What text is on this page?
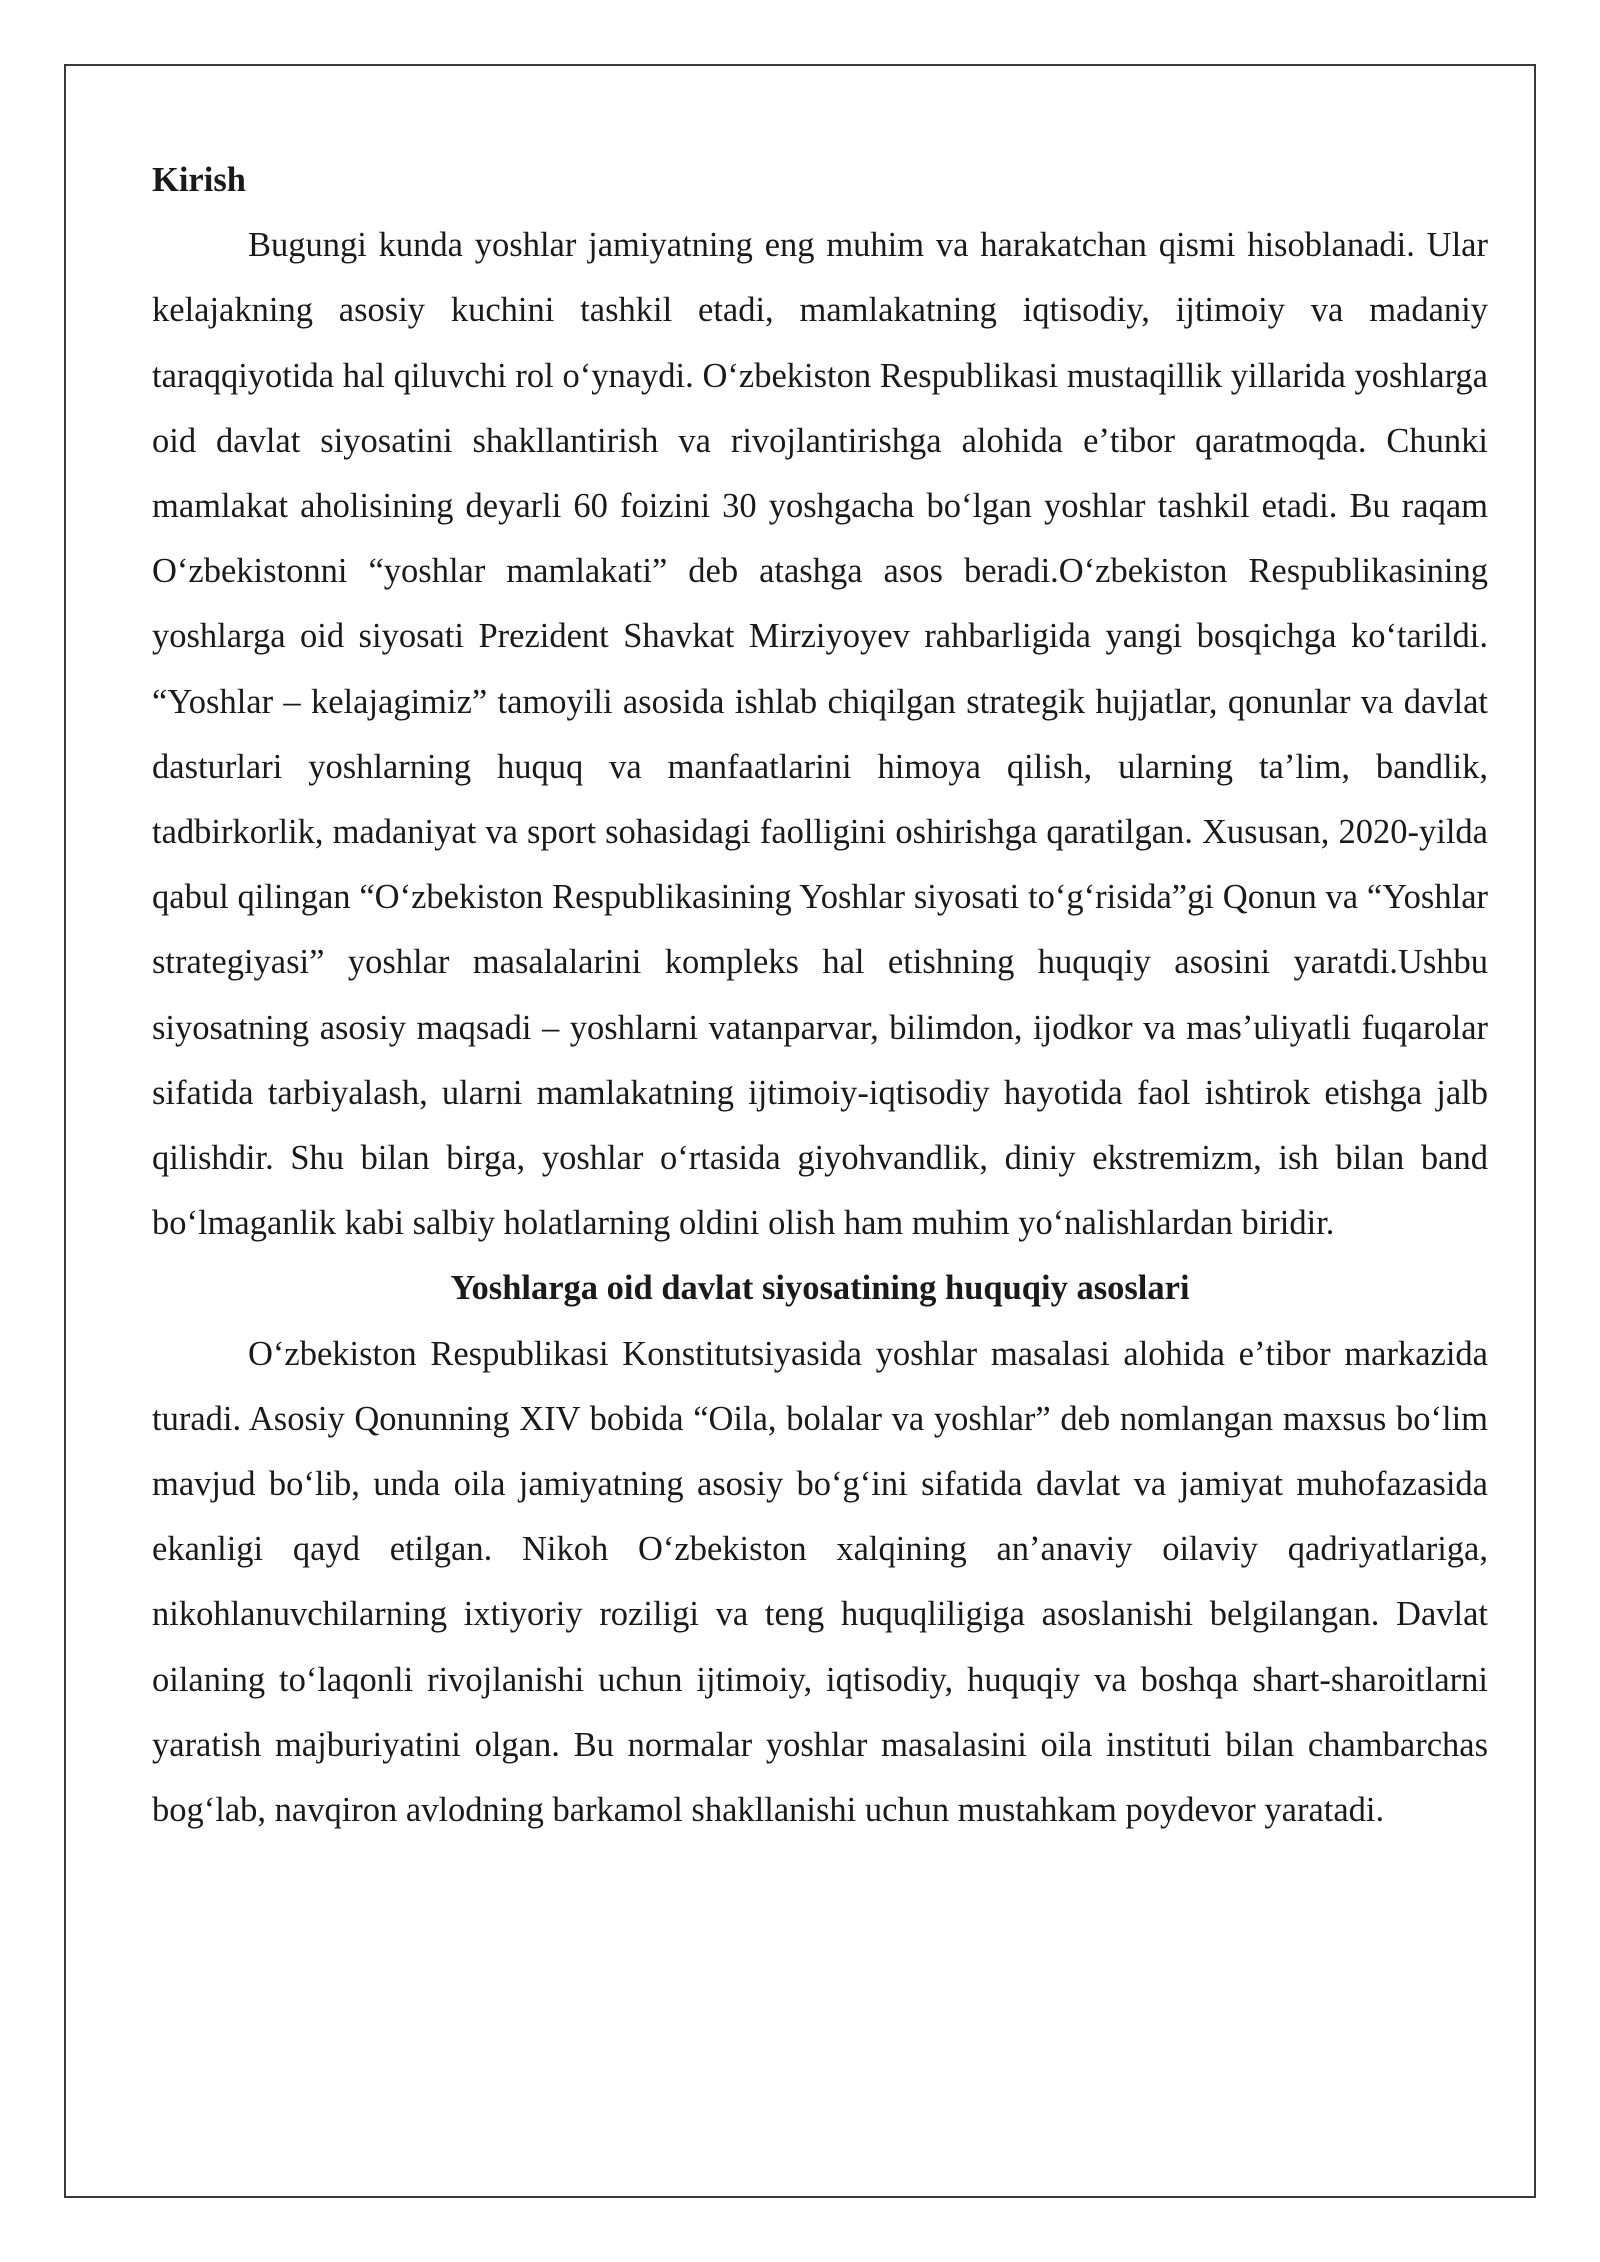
Kirish

Bugungi kunda yoshlar jamiyatning eng muhim va harakatchan qismi hisoblanadi. Ular kelajakning asosiy kuchini tashkil etadi, mamlakatning iqtisodiy, ijtimoiy va madaniy taraqqiyotida hal qiluvchi rol oʻynaydi. Oʻzbekiston Respublikasi mustaqillik yillarida yoshlarga oid davlat siyosatini shakllantirish va rivojlantirishga alohida eʼtibor qaratmoqda. Chunki mamlakat aholisining deyarli 60 foizini 30 yoshgacha boʻlgan yoshlar tashkil etadi. Bu raqam Oʻzbekistonni “yoshlar mamlakati” deb atashga asos beradi.Oʻzbekiston Respublikasining yoshlarga oid siyosati Prezident Shavkat Mirziyoyev rahbarligida yangi bosqichga koʻtarildi. “Yoshlar – kelajagimiz” tamoyili asosida ishlab chiqilgan strategik hujjatlar, qonunlar va davlat dasturlari yoshlarning huquq va manfaatlarini himoya qilish, ularning taʼlim, bandlik, tadbirkorlik, madaniyat va sport sohasidagi faolligini oshirishga qaratilgan. Xususan, 2020-yilda qabul qilingan “Oʻzbekiston Respublikasining Yoshlar siyosati toʻgʻrisida”gi Qonun va “Yoshlar strategiyasi” yoshlar masalalarini kompleks hal etishning huquqiy asosini yaratdi.Ushbu siyosatning asosiy maqsadi – yoshlarni vatanparvar, bilimdon, ijodkor va masʼuliyatli fuqarolar sifatida tarbiyalash, ularni mamlakatning ijtimoiy-iqtisodiy hayotida faol ishtirok etishga jalb qilishdir. Shu bilan birga, yoshlar oʻrtasida giyohvandlik, diniy ekstremizm, ish bilan band boʻlmaganlik kabi salbiy holatlarning oldini olish ham muhim yoʻnalishlardan biridir.

Yoshlarga oid davlat siyosatining huquqiy asoslari

Oʻzbekiston Respublikasi Konstitutsiyasida yoshlar masalasi alohida eʼtibor markazida turadi. Asosiy Qonunning XIV bobida “Oila, bolalar va yoshlar” deb nomlangan maxsus boʻlim mavjud boʻlib, unda oila jamiyatning asosiy boʻgʻini sifatida davlat va jamiyat muhofazasida ekanligi qayd etilgan. Nikoh Oʻzbekiston xalqining anʼanaviy oilaviy qadriyatlariga, nikohlanuvchilarning ixtiyoriy roziligi va teng huquqliligiga asoslanishi belgilangan. Davlat oilaning toʻlaqonli rivojlanishi uchun ijtimoiy, iqtisodiy, huquqiy va boshqa shart-sharoitlarni yaratish majburiyatini olgan. Bu normalar yoshlar masalasini oila instituti bilan chambarchas bogʻlab, navqiron avlodning barkamol shakllanishi uchun mustahkam poydevor yaratadi.
